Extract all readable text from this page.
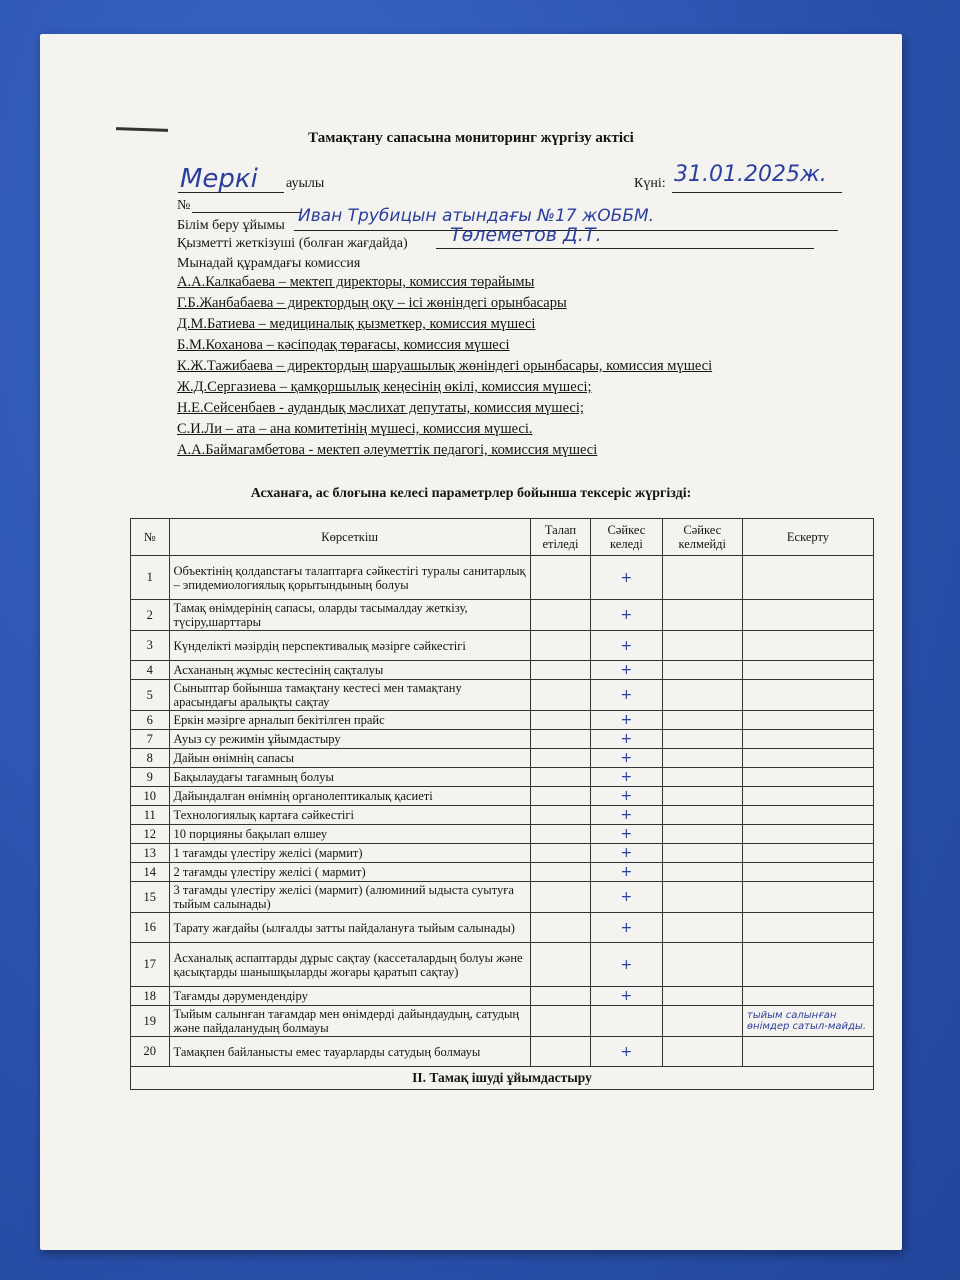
Тамақтану сапасына мониторинг жүргізу актісі
Меркі ауылы	Күні: 31.01.2025ж.
№
Білім беру ұйымы Иван Трубицын атындағы №17 жОББМ.
Қызметті жеткізуші (болған жағдайда) Төлеметов Д.Т.
Мынадай құрамдағы комиссия
А.А.Калкабаева – мектеп директоры, комиссия төрайымы
Г.Б.Жанбабаева – директордың оқу – ісі жөніндегі орынбасары
Д.М.Батиева – медициналық қызметкер, комиссия мүшесі
Б.М.Коханова – кәсіподақ төрағасы, комиссия мүшесі
К.Ж.Тажибаева – директордың шаруашылық жөніндегі орынбасары, комиссия мүшесі
Ж.Д.Сергазиева – қамқоршылық кеңесінің өкілі, комиссия мүшесі;
Н.Е.Сейсенбаев - аудандық мәслихат депутаты, комиссия мүшесі;
С.И.Ли – ата – ана комитетінің мүшесі, комиссия мүшесі.
А.А.Баймагамбетова - мектеп әлеуметтік педагогі, комиссия мүшесі
Асханаға, ас блоғына келесі параметрлер бойынша тексеріс жүргізді:
№	Көрсеткіш	Талап етіледі	Сәйкес келеді	Сәйкес келмейді	Ескерту
1	Объектінің қолдanстағы талаптарға сәйкестігі туралы санитарлық – эпидемиологиялық қорытындының болуы		+		
2	Тамақ өнімдерінің сапасы, оларды тасымалдау жеткізу, түсіру,шарттары		+		
3	Күнделікті мәзірдің перспективалық мәзірге сәйкестігі		+		
4	Асхананың жұмыс кестесінің сақталуы		+		
5	Сыныптар бойынша тамақтану кестесі мен тамақтану арасындағы аралықты сақтау		+		
6	Еркін мәзірге арналып бекітілген прайс		+		
7	Ауыз су режимін ұйымдастыру		+		
8	Дайын өнімнің сапасы		+		
9	Бақылаудағы тағамның болуы		+		
10	Дайындалған өнімнің органолептикалық қасиеті		+		
11	Технологиялық картаға сәйкестігі		+		
12	10 порцияны бақылап өлшеу		+		
13	1 тағамды үлестіру желісі (мармит)		+		
14	2 тағамды үлестіру желісі ( мармит)		+		
15	3 тағамды үлестіру желісі (мармит) (алюминий ыдыста суытуға тыйым салынады)		+		
16	Тарату жағдайы (ылғалды затты пайдалануға тыйым салынады)		+		
17	Асханалық аспаптарды дұрыс сақтау (кассеталардың болуы және қасықтарды шанышқыларды жоғары қаратып сақтау)		+		
18	Тағамды дәрумендендіру		+		
19	Тыйым салынған тағамдар мен өнімдерді дайындаудың, сатудың және пайдаланудың болмауы				тыйым салынған өнімдер сатыл-майды.
20	Тамақпен байланысты емес тауарларды сатудың болмауы		+		
II. Тамақ ішуді ұйымдастыру					
